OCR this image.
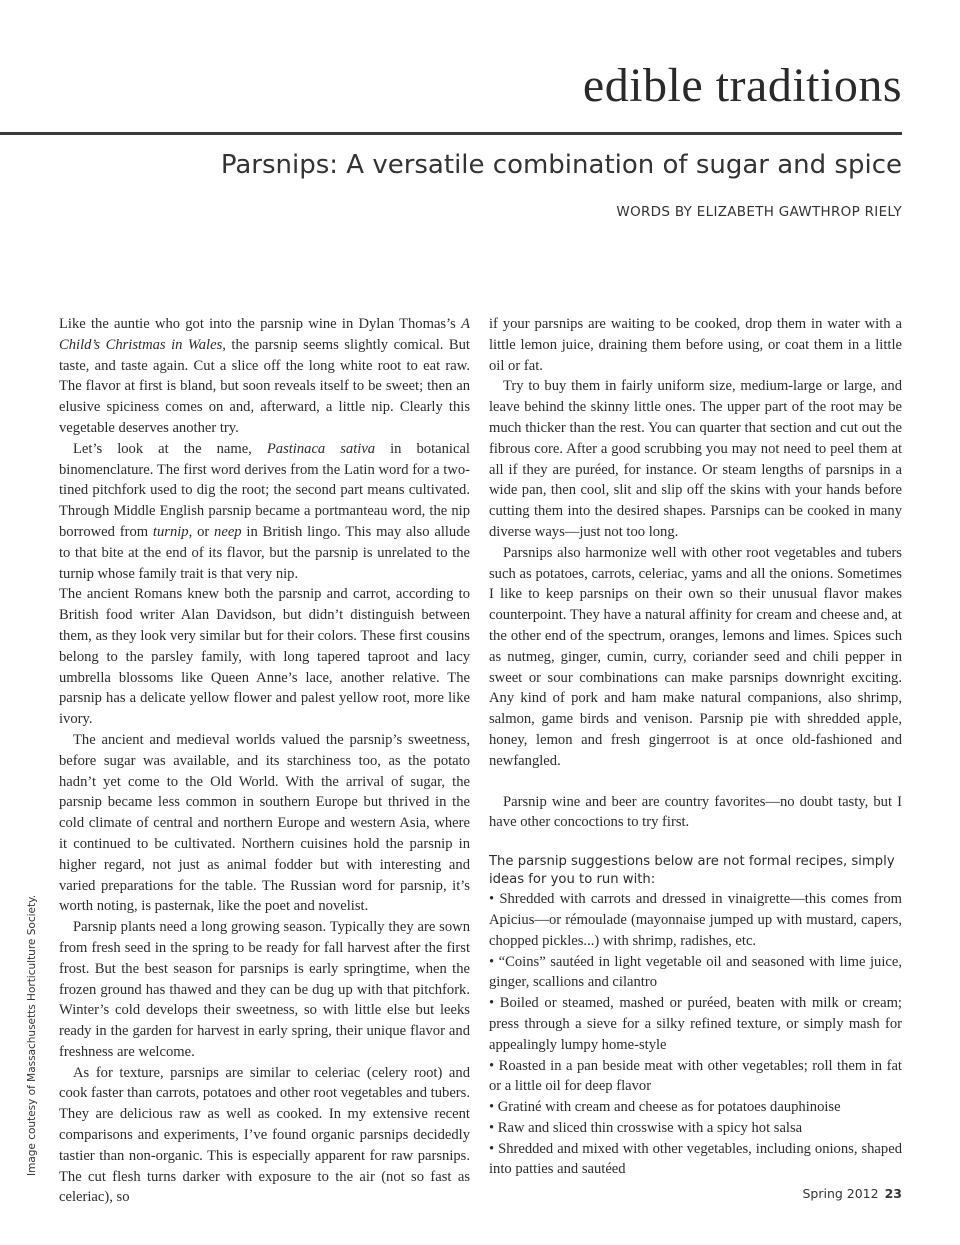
edible traditions
Parsnips: A versatile combination of sugar and spice
WORDS BY ELIZABETH GAWTHROP RIELY
Image coutesy of Massachusetts Horticulture Society.

Like the auntie who got into the parsnip wine in Dylan Thomas’s A Child’s Christmas in Wales, the parsnip seems slightly comical. But taste, and taste again. Cut a slice off the long white root to eat raw. The flavor at first is bland, but soon reveals itself to be sweet; then an elusive spiciness comes on and, afterward, a little nip. Clearly this vegetable deserves another try.

Let’s look at the name, Pastinaca sativa in botanical binomenclature. The first word derives from the Latin word for a two-tined pitchfork used to dig the root; the second part means cultivated. Through Middle English parsnip became a portmanteau word, the nip borrowed from turnip, or neep in British lingo. This may also allude to that bite at the end of its flavor, but the parsnip is unrelated to the turnip whose family trait is that very nip.

The ancient Romans knew both the parsnip and carrot, according to British food writer Alan Davidson, but didn’t distinguish between them, as they look very similar but for their colors. These first cousins belong to the parsley family, with long tapered taproot and lacy umbrella blossoms like Queen Anne’s lace, another relative. The parsnip has a delicate yellow flower and palest yellow root, more like ivory.

The ancient and medieval worlds valued the parsnip’s sweetness, before sugar was available, and its starchiness too, as the potato hadn’t yet come to the Old World. With the arrival of sugar, the parsnip became less common in southern Europe but thrived in the cold climate of central and northern Europe and western Asia, where it continued to be cultivated. Northern cuisines hold the parsnip in higher regard, not just as animal fodder but with interesting and varied preparations for the table. The Russian word for parsnip, it’s worth noting, is pasternak, like the poet and novelist.

Parsnip plants need a long growing season. Typically they are sown from fresh seed in the spring to be ready for fall harvest after the first frost. But the best season for parsnips is early springtime, when the frozen ground has thawed and they can be dug up with that pitchfork. Winter’s cold develops their sweetness, so with little else but leeks ready in the garden for harvest in early spring, their unique flavor and freshness are welcome.

As for texture, parsnips are similar to celeriac (celery root) and cook faster than carrots, potatoes and other root vegetables and tubers. They are delicious raw as well as cooked. In my extensive recent comparisons and experiments, I’ve found organic parsnips decidedly tastier than non-organic. This is especially apparent for raw parsnips. The cut flesh turns darker with exposure to the air (not so fast as celeriac), so

if your parsnips are waiting to be cooked, drop them in water with a little lemon juice, draining them before using, or coat them in a little oil or fat.

Try to buy them in fairly uniform size, medium-large or large, and leave behind the skinny little ones. The upper part of the root may be much thicker than the rest. You can quarter that section and cut out the fibrous core. After a good scrubbing you may not need to peel them at all if they are puréed, for instance. Or steam lengths of parsnips in a wide pan, then cool, slit and slip off the skins with your hands before cutting them into the desired shapes. Parsnips can be cooked in many diverse ways—just not too long.

Parsnips also harmonize well with other root vegetables and tubers such as potatoes, carrots, celeriac, yams and all the onions. Sometimes I like to keep parsnips on their own so their unusual flavor makes counterpoint. They have a natural affinity for cream and cheese and, at the other end of the spectrum, oranges, lemons and limes. Spices such as nutmeg, ginger, cumin, curry, coriander seed and chili pepper in sweet or sour combinations can make parsnips downright exciting. Any kind of pork and ham make natural companions, also shrimp, salmon, game birds and venison. Parsnip pie with shredded apple, honey, lemon and fresh gingerroot is at once old-fashioned and newfangled.

Parsnip wine and beer are country favorites—no doubt tasty, but I have other concoctions to try first.

The parsnip suggestions below are not formal recipes, simply ideas for you to run with:

• Shredded with carrots and dressed in vinaigrette—this comes from Apicius—or rémoulade (mayonnaise jumped up with mustard, capers, chopped pickles...) with shrimp, radishes, etc.

• “Coins” sautéed in light vegetable oil and seasoned with lime juice, ginger, scallions and cilantro

• Boiled or steamed, mashed or puréed, beaten with milk or cream; press through a sieve for a silky refined texture, or simply mash for appealingly lumpy home-style

• Roasted in a pan beside meat with other vegetables; roll them in fat or a little oil for deep flavor

• Gratiné with cream and cheese as for potatoes dauphinoise

• Raw and sliced thin crosswise with a spicy hot salsa

• Shredded and mixed with other vegetables, including onions, shaped into patties and sautéed

Spring 2012 23
